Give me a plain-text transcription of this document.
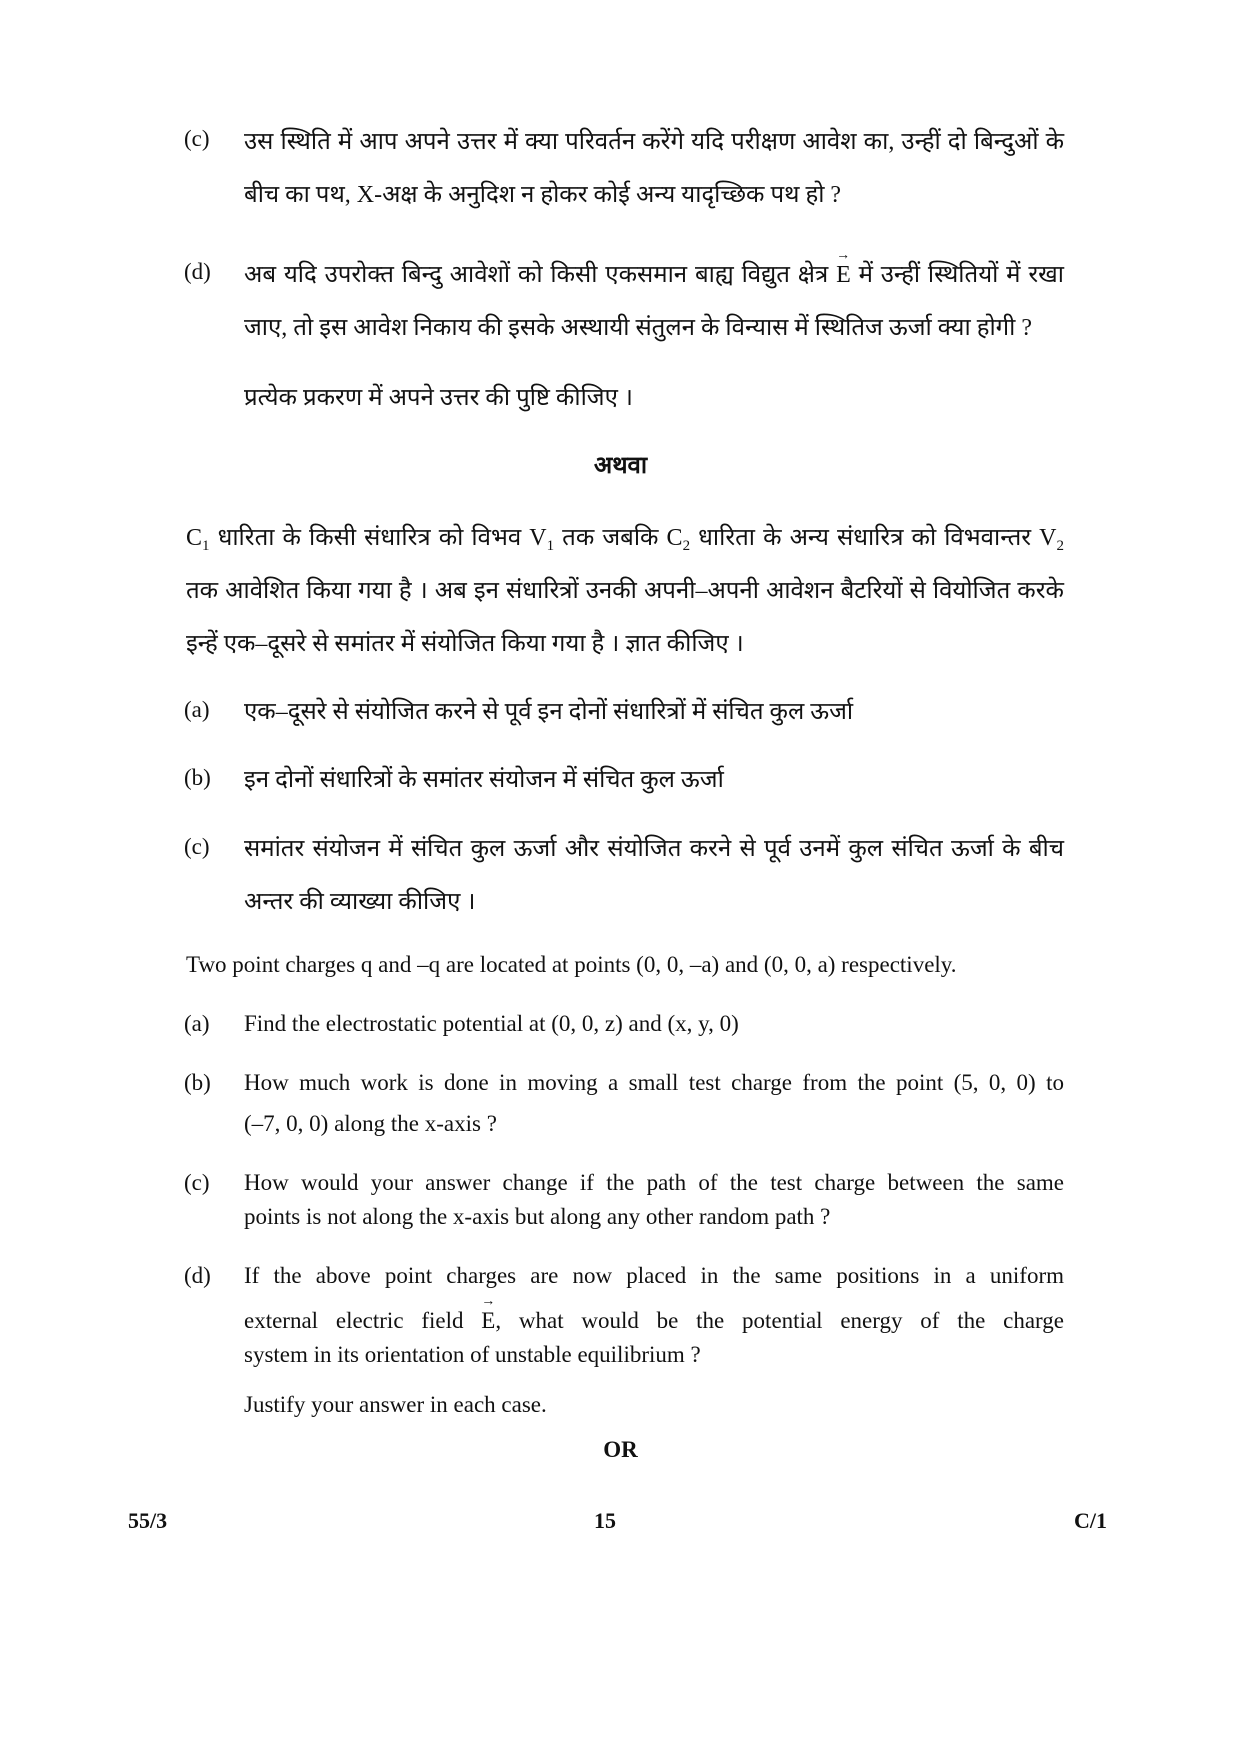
(c) उस स्थिति में आप अपने उत्तर में क्या परिवर्तन करेंगे यदि परीक्षण आवेश का, उन्हीं दो बिन्दुओं के
बीच का पथ, X-अक्ष के अनुदिश न होकर कोई अन्य यादृच्छिक पथ हो ?
(d) अब यदि उपरोक्त बिन्दु आवेशों को किसी एकसमान बाह्य विद्युत क्षेत्र → E में उन्हीं स्थितियों में रखा
जाए, तो इस आवेश निकाय की इसके अस्थायी संतुलन के विन्यास में स्थितिज ऊर्जा क्या होगी ?
प्रत्येक प्रकरण में अपने उत्तर की पुष्टि कीजिए ।
अथवा
$C_1$ धारिता के किसी संधारित्र को विभव $V_1$ तक जबकि $C_2$ धारिता के अन्य संधारित्र को विभवान्तर $V_2$
तक आवेशित किया गया है । अब इन संधारित्रों उनकी अपनी–अपनी आवेशन बैटरियों से वियोजित करके
इन्हें एक–दूसरे से समांतर में संयोजित किया गया है । ज्ञात कीजिए ।
(a) एक–दूसरे से संयोजित करने से पूर्व इन दोनों संधारित्रों में संचित कुल ऊर्जा
(b) इन दोनों संधारित्रों के समांतर संयोजन में संचित कुल ऊर्जा
(c) समांतर संयोजन में संचित कुल ऊर्जा और संयोजित करने से पूर्व उनमें कुल संचित ऊर्जा के बीच
अन्तर की व्याख्या कीजिए ।
Two point charges q and –q are located at points (0, 0, –a) and (0, 0, a) respectively.
(a) Find the electrostatic potential at (0, 0, z) and (x, y, 0)
(b) How much work is done in moving a small test charge from the point (5, 0, 0) to
(–7, 0, 0) along the x-axis ?
(c) How would your answer change if the path of the test charge between the same
points is not along the x-axis but along any other random path ?
(d) If the above point charges are now placed in the same positions in a uniform
external electric field → E, what would be the potential energy of the charge
system in its orientation of unstable equilibrium ?
Justify your answer in each case.
OR
55/3	15	C/1
